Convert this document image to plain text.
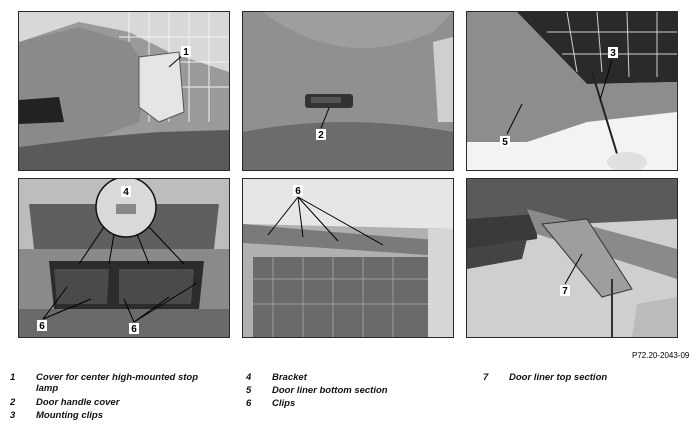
1
2
3
5
4
6	6
6
7
P72.20-2043-09
1	Cover for center high-mounted stop
lamp
2	Door handle cover
3	Mounting clips
4	Bracket
5	Door liner bottom section
6	Clips
7	Door liner top section
